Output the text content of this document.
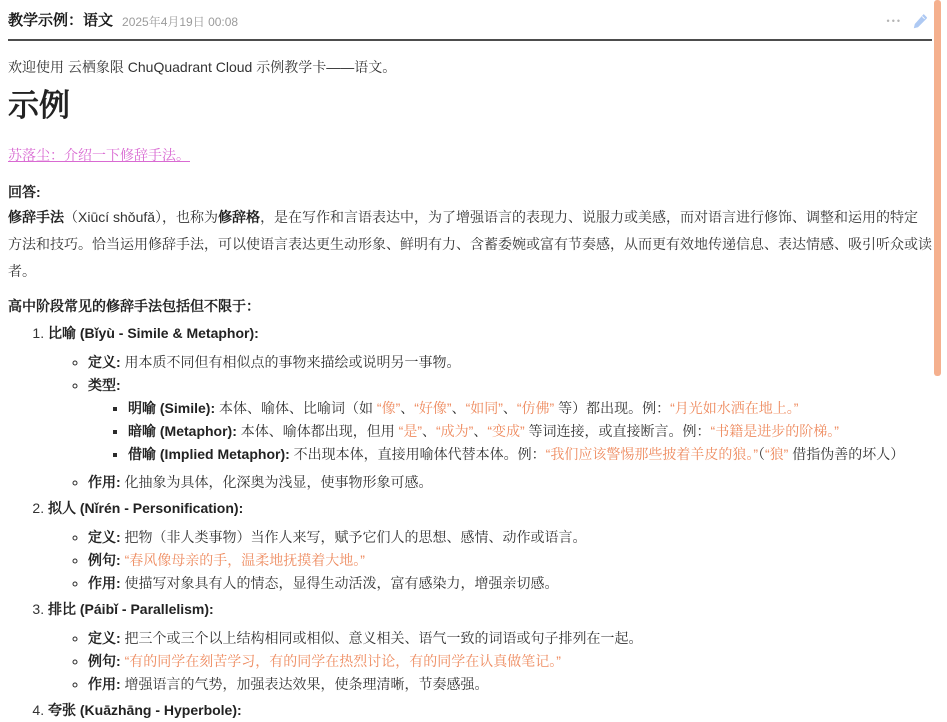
教学示例：语文 2025年4月19日 00:08	•••

欢迎使用 云栖象限 ChuQuadrant Cloud 示例教学卡——语文。

示例
苏落尘：介绍一下修辞手法。

回答:

修辞手法（Xiūcí shǒufǎ），也称为修辞格，是在写作和言语表达中，为了增强语言的表现力、说服力或美感，而对语言进行修饰、调整和运用的特定方法和技巧。恰当运用修辞手法，可以使语言表达更生动形象、鲜明有力、含蓄委婉或富有节奏感，从而更有效地传递信息、表达情感、吸引听众或读者。

高中阶段常见的修辞手法包括但不限于：

1. 比喻 (Bǐyù - Simile & Metaphor):

◦ 定义: 用本质不同但有相似点的事物来描绘或说明另一事物。
◦ 类型:
▪ 明喻 (Simile): 本体、喻体、比喻词（如 “像”、“好像”、“如同”、“仿佛” 等）都出现。例：“月光如水洒在地上。”
▪ 暗喻 (Metaphor): 本体、喻体都出现，但用 “是”、“成为”、“变成” 等词连接，或直接断言。例：“书籍是进步的阶梯。”
▪ 借喻 (Implied Metaphor): 不出现本体，直接用喻体代替本体。例：“我们应该警惕那些披着羊皮的狼。”（“狼” 借指伪善的坏人）
◦ 作用: 化抽象为具体，化深奥为浅显，使事物形象可感。

2. 拟人 (Nǐrén - Personification):

◦ 定义: 把物（非人类事物）当作人来写，赋予它们人的思想、感情、动作或语言。
◦ 例句: “春风像母亲的手，温柔地抚摸着大地。”
◦ 作用: 使描写对象具有人的情态，显得生动活泼，富有感染力，增强亲切感。

3. 排比 (Páibǐ - Parallelism):

◦ 定义: 把三个或三个以上结构相同或相似、意义相关、语气一致的词语或句子排列在一起。
◦ 例句: “有的同学在刻苦学习，有的同学在热烈讨论，有的同学在认真做笔记。”
◦ 作用: 增强语言的气势，加强表达效果，使条理清晰，节奏感强。

4. 夸张 (Kuāzhāng - Hyperbole):
